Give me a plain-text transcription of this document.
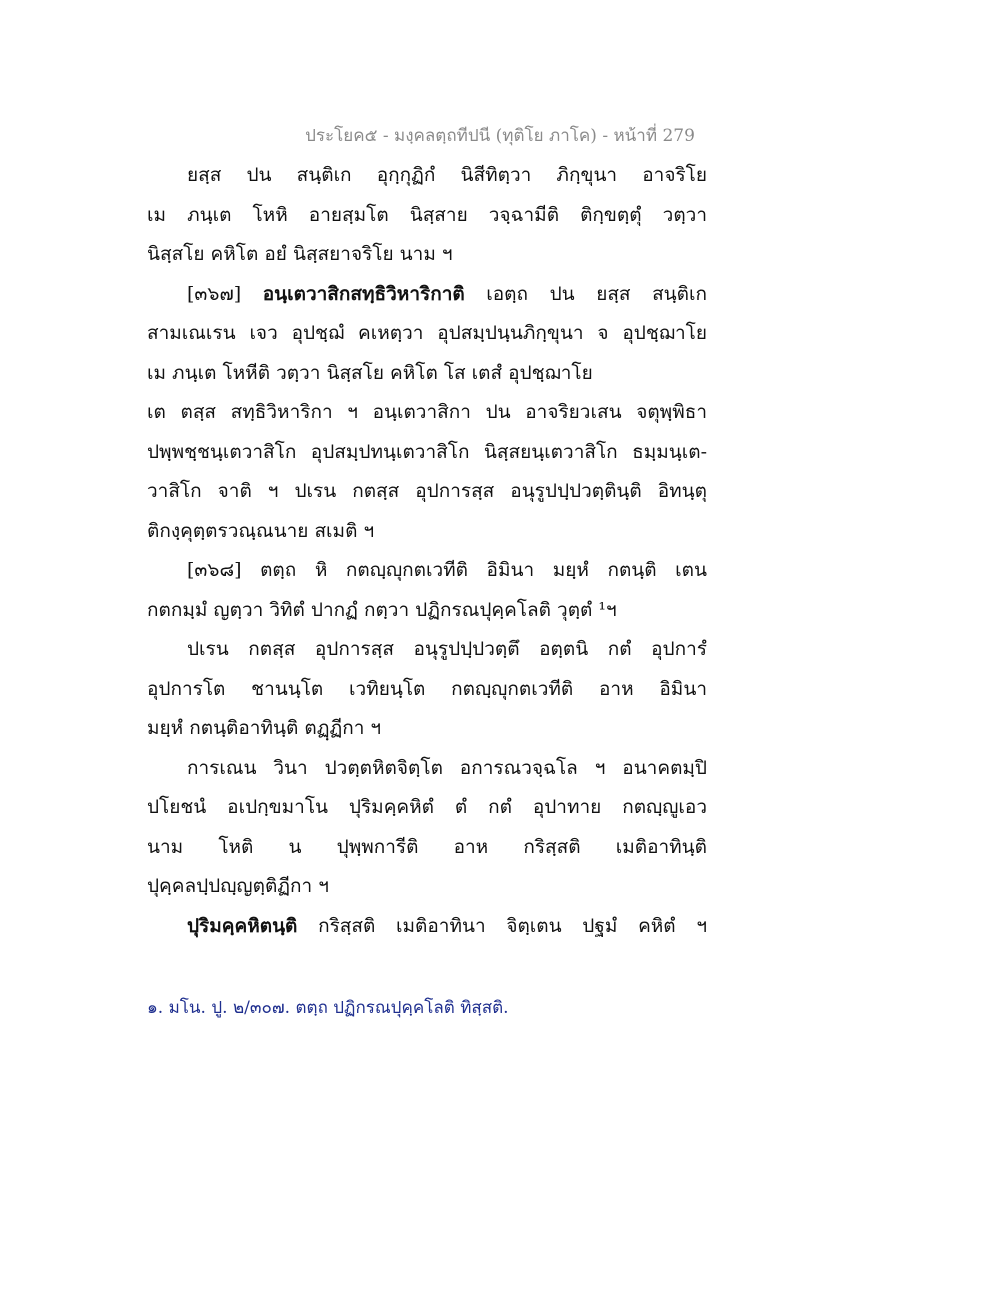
ประโยค๕ - มงฺคลตฺถทีปนี (ทุติโย ภาโค) - หน้าที่ 279
ยสฺส ปน สนฺติเก อุกฺกุฏิกํ นิสีทิตฺวา ภิกฺขุนา อาจริโย
เม ภนฺเต โหหิ อายสฺมโต นิสฺสาย วจฺฉามีติ ติกฺขตฺตุํ วตฺวา
นิสฺสโย คหิโต อยํ นิสฺสยาจริโย นาม ฯ
[๓๖๗] อนฺเตวาสิกสทฺธิวิหาริกาติ เอตฺถ ปน ยสฺส สนฺติเก
สามเณเรน เจว อุปชฺฌํ คเหตฺวา อุปสมฺปนฺนภิกฺขุนา จ อุปชฺฌาโย
เม ภนฺเต โหหีติ วตฺวา นิสฺสโย คหิโต โส เตสํ อุปชฺฌาโย
เต ตสฺส สทฺธิวิหาริกา ฯ อนฺเตวาสิกา ปน อาจริยวเสน จตุพฺพิธา
ปพฺพชฺชนฺเตวาสิโก อุปสมฺปทนฺเตวาสิโก นิสฺสยนฺเตวาสิโก ธมฺมนฺเต-
วาสิโก จาติ ฯ ปเรน กตสฺส อุปการสฺส อนุรูปปฺปวตฺตินฺติ อิทนฺตุ
ติกงฺคุตฺตรวณฺณนาย สเมติ ฯ
[๓๖๘] ตตฺถ หิ กตญฺญุกตเวทีติ อิมินา มยฺหํ กตนฺติ เตน
กตกมฺมํ ญตฺวา วิทิตํ ปากฏํ กตฺวา ปฏิกรณปุคฺคโลติ วุตฺตํ ¹ฯ
ปเรน กตสฺส อุปการสฺส อนุรูปปฺปวตฺตึ อตฺตนิ กตํ อุปการํ
อุปการโต ชานนฺโต เวทิยนฺโต กตญฺญุกตเวทีติ อาห อิมินา
มยฺหํ กตนฺติอาทินฺติ ตฏฺฏีกา ฯ
การเณน วินา ปวตฺตหิตจิตฺโต อการณวจฺฉโล ฯ อนาคตมฺปิ
ปโยชนํ อเปกฺขมาโน ปุริมคฺคหิตํ ตํ กตํ อุปาทาย กตญฺญูเอว
นาม โหติ น ปุพฺพการีติ อาห กริสฺสติ เมติอาทินฺติ
ปุคฺคลปฺปญฺญตฺติฏีกา ฯ
ปุริมคฺคหิตนฺติ กริสฺสติ เมติอาทินา จิตฺเตน ปฐมํ คหิตํ ฯ
๑. มโน. ปู. ๒/๓๐๗. ตตฺถ ปฏิกรณปุคฺคโลติ ทิสฺสติ.
